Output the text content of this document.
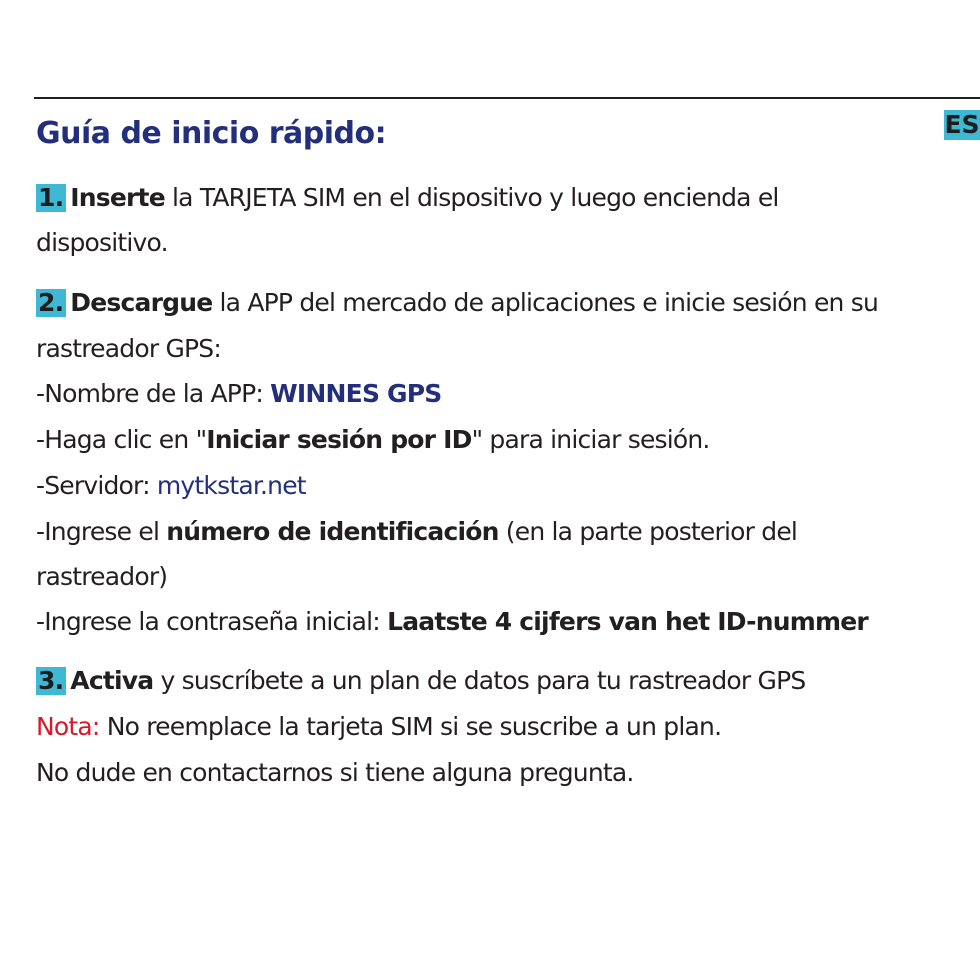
ES
Guía de inicio rápido:
1. Inserte la TARJETA SIM en el dispositivo y luego encienda el
dispositivo.
2. Descargue la APP del mercado de aplicaciones e inicie sesión en su
rastreador GPS:
-Nombre de la APP: WINNES GPS
-Haga clic en "Iniciar sesión por ID" para iniciar sesión.
-Servidor: mytkstar.net
-Ingrese el número de identificación (en la parte posterior del
rastreador)
-Ingrese la contraseña inicial: Laatste 4 cijfers van het ID-nummer
3. Activa y suscríbete a un plan de datos para tu rastreador GPS
Nota: No reemplace la tarjeta SIM si se suscribe a un plan.
No dude en contactarnos si tiene alguna pregunta.
